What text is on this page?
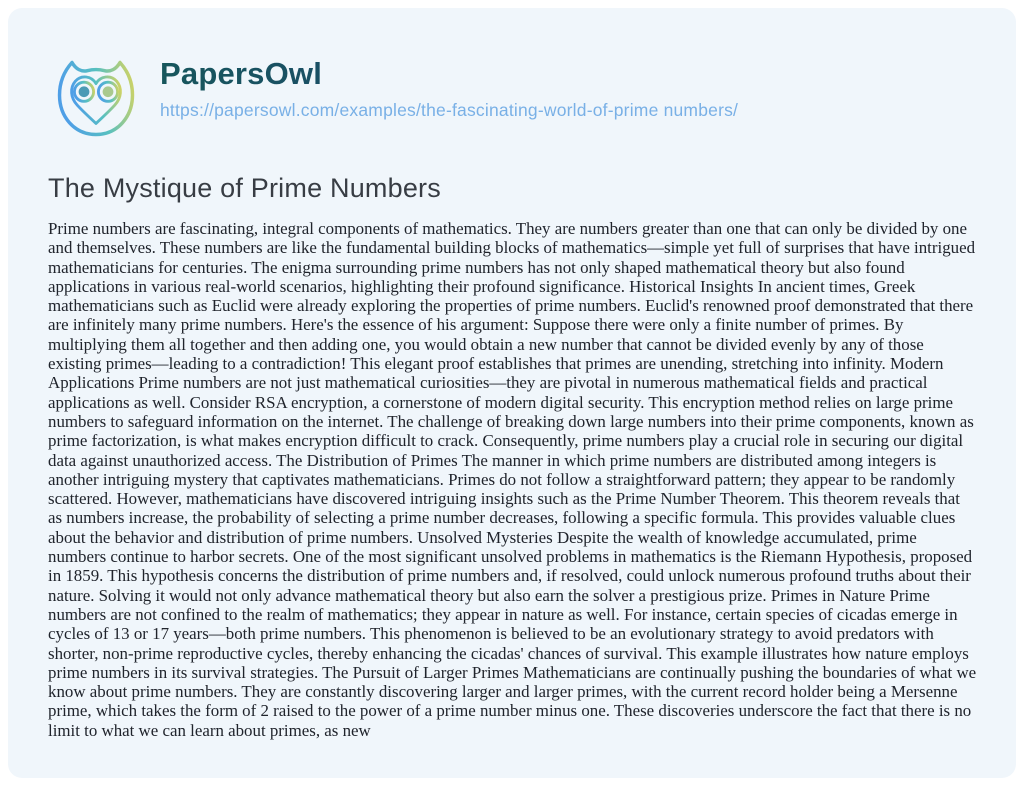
PapersOwl
https://papersowl.com/examples/the-fascinating-world-of-prime numbers/
The Mystique of Prime Numbers

Prime numbers are fascinating, integral components of mathematics. They are numbers greater than one that can only be divided by one and themselves. These numbers are like the fundamental building blocks of mathematics—simple yet full of surprises that have intrigued mathematicians for centuries. The enigma surrounding prime numbers has not only shaped mathematical theory but also found applications in various real-world scenarios, highlighting their profound significance. Historical Insights In ancient times, Greek mathematicians such as Euclid were already exploring the properties of prime numbers. Euclid's renowned proof demonstrated that there are infinitely many prime numbers. Here's the essence of his argument: Suppose there were only a finite number of primes. By multiplying them all together and then adding one, you would obtain a new number that cannot be divided evenly by any of those existing primes—leading to a contradiction! This elegant proof establishes that primes are unending, stretching into infinity. Modern Applications Prime numbers are not just mathematical curiosities—they are pivotal in numerous mathematical fields and practical applications as well. Consider RSA encryption, a cornerstone of modern digital security. This encryption method relies on large prime numbers to safeguard information on the internet. The challenge of breaking down large numbers into their prime components, known as prime factorization, is what makes encryption difficult to crack. Consequently, prime numbers play a crucial role in securing our digital data against unauthorized access. The Distribution of Primes The manner in which prime numbers are distributed among integers is another intriguing mystery that captivates mathematicians. Primes do not follow a straightforward pattern; they appear to be randomly scattered. However, mathematicians have discovered intriguing insights such as the Prime Number Theorem. This theorem reveals that as numbers increase, the probability of selecting a prime number decreases, following a specific formula. This provides valuable clues about the behavior and distribution of prime numbers. Unsolved Mysteries Despite the wealth of knowledge accumulated, prime numbers continue to harbor secrets. One of the most significant unsolved problems in mathematics is the Riemann Hypothesis, proposed in 1859. This hypothesis concerns the distribution of prime numbers and, if resolved, could unlock numerous profound truths about their nature. Solving it would not only advance mathematical theory but also earn the solver a prestigious prize. Primes in Nature Prime numbers are not confined to the realm of mathematics; they appear in nature as well. For instance, certain species of cicadas emerge in cycles of 13 or 17 years—both prime numbers. This phenomenon is believed to be an evolutionary strategy to avoid predators with shorter, non-prime reproductive cycles, thereby enhancing the cicadas' chances of survival. This example illustrates how nature employs prime numbers in its survival strategies. The Pursuit of Larger Primes Mathematicians are continually pushing the boundaries of what we know about prime numbers. They are constantly discovering larger and larger primes, with the current record holder being a Mersenne prime, which takes the form of 2 raised to the power of a prime number minus one. These discoveries underscore the fact that there is no limit to what we can learn about primes, as new
